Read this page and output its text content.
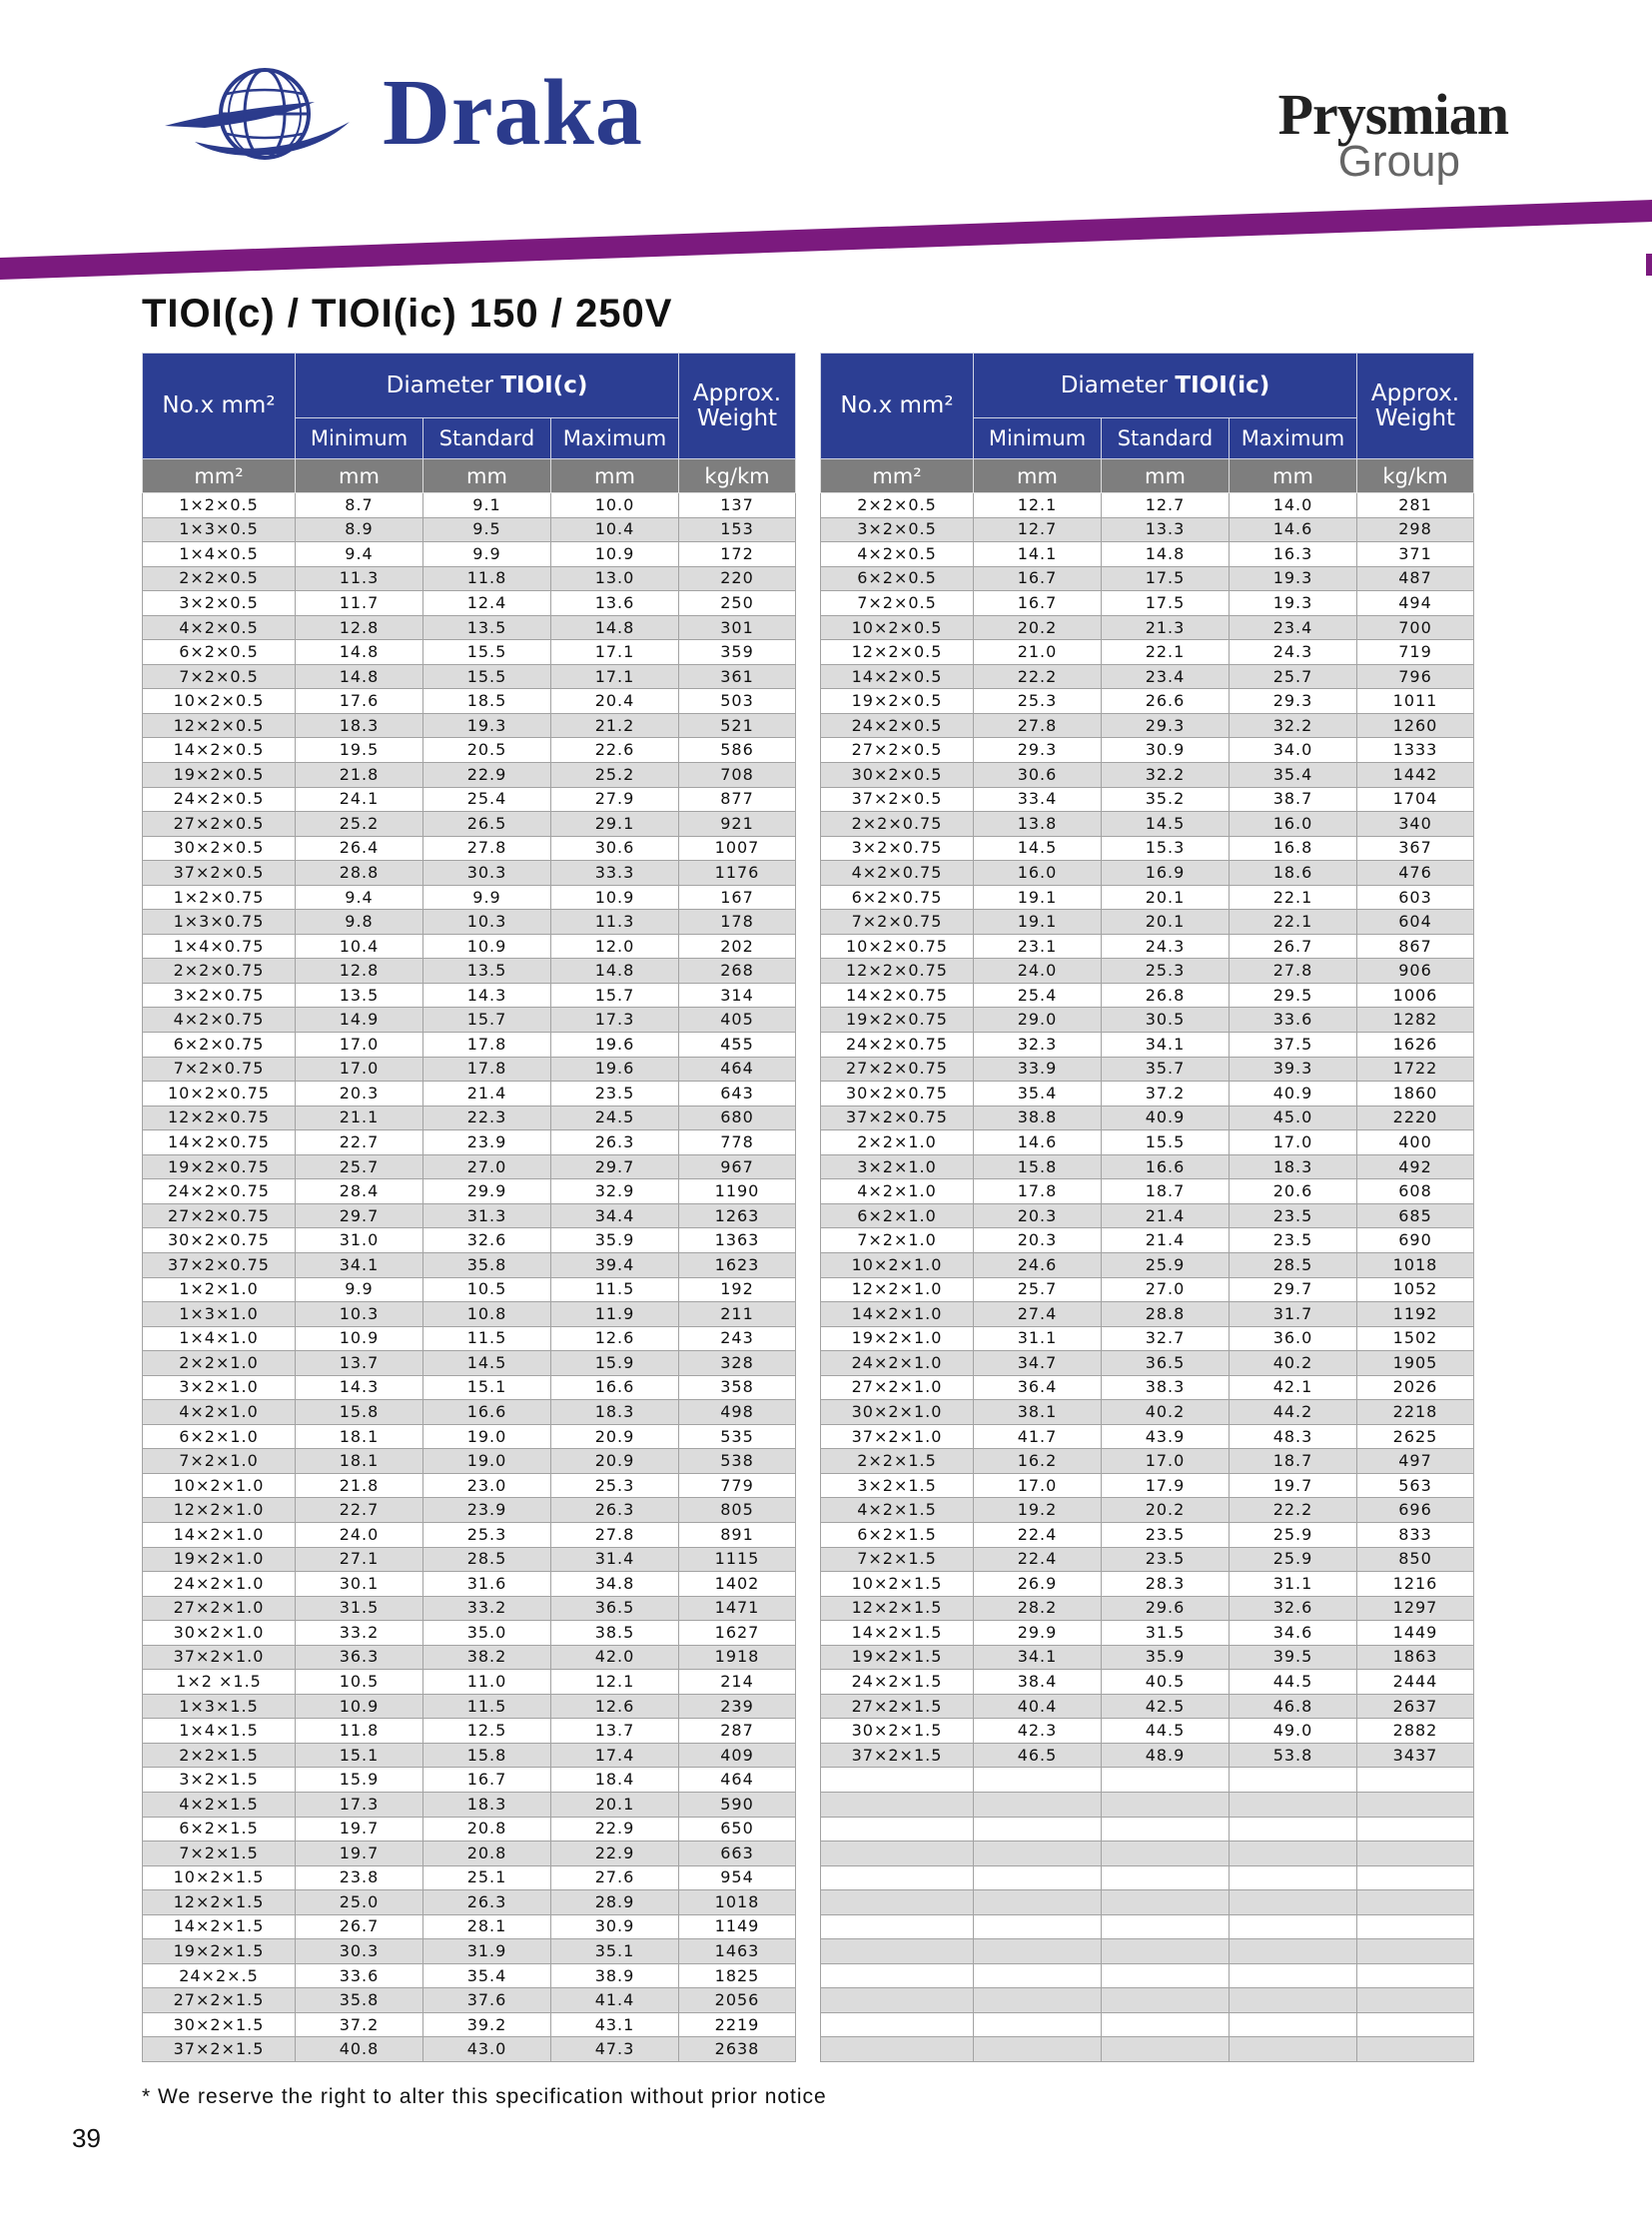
Draka	Prysmian
Group
TIOI(c) / TIOI(ic) 150 / 250V
No.x mm²	Diameter TIOI(c)			Approx. Weight
	Minimum	Standard	Maximum	
mm²	mm	mm	mm	kg/km
1×2×0.5	8.7	9.1	10.0	137
1×3×0.5	8.9	9.5	10.4	153
1×4×0.5	9.4	9.9	10.9	172
2×2×0.5	11.3	11.8	13.0	220
3×2×0.5	11.7	12.4	13.6	250
4×2×0.5	12.8	13.5	14.8	301
6×2×0.5	14.8	15.5	17.1	359
7×2×0.5	14.8	15.5	17.1	361
10×2×0.5	17.6	18.5	20.4	503
12×2×0.5	18.3	19.3	21.2	521
14×2×0.5	19.5	20.5	22.6	586
19×2×0.5	21.8	22.9	25.2	708
24×2×0.5	24.1	25.4	27.9	877
27×2×0.5	25.2	26.5	29.1	921
30×2×0.5	26.4	27.8	30.6	1007
37×2×0.5	28.8	30.3	33.3	1176
1×2×0.75	9.4	9.9	10.9	167
1×3×0.75	9.8	10.3	11.3	178
1×4×0.75	10.4	10.9	12.0	202
2×2×0.75	12.8	13.5	14.8	268
3×2×0.75	13.5	14.3	15.7	314
4×2×0.75	14.9	15.7	17.3	405
6×2×0.75	17.0	17.8	19.6	455
7×2×0.75	17.0	17.8	19.6	464
10×2×0.75	20.3	21.4	23.5	643
12×2×0.75	21.1	22.3	24.5	680
14×2×0.75	22.7	23.9	26.3	778
19×2×0.75	25.7	27.0	29.7	967
24×2×0.75	28.4	29.9	32.9	1190
27×2×0.75	29.7	31.3	34.4	1263
30×2×0.75	31.0	32.6	35.9	1363
37×2×0.75	34.1	35.8	39.4	1623
1×2×1.0	9.9	10.5	11.5	192
1×3×1.0	10.3	10.8	11.9	211
1×4×1.0	10.9	11.5	12.6	243
2×2×1.0	13.7	14.5	15.9	328
3×2×1.0	14.3	15.1	16.6	358
4×2×1.0	15.8	16.6	18.3	498
6×2×1.0	18.1	19.0	20.9	535
7×2×1.0	18.1	19.0	20.9	538
10×2×1.0	21.8	23.0	25.3	779
12×2×1.0	22.7	23.9	26.3	805
14×2×1.0	24.0	25.3	27.8	891
19×2×1.0	27.1	28.5	31.4	1115
24×2×1.0	30.1	31.6	34.8	1402
27×2×1.0	31.5	33.2	36.5	1471
30×2×1.0	33.2	35.0	38.5	1627
37×2×1.0	36.3	38.2	42.0	1918
1×2 ×1.5	10.5	11.0	12.1	214
1×3×1.5	10.9	11.5	12.6	239
1×4×1.5	11.8	12.5	13.7	287
2×2×1.5	15.1	15.8	17.4	409
3×2×1.5	15.9	16.7	18.4	464
4×2×1.5	17.3	18.3	20.1	590
6×2×1.5	19.7	20.8	22.9	650
7×2×1.5	19.7	20.8	22.9	663
10×2×1.5	23.8	25.1	27.6	954
12×2×1.5	25.0	26.3	28.9	1018
14×2×1.5	26.7	28.1	30.9	1149
19×2×1.5	30.3	31.9	35.1	1463
24×2×.5	33.6	35.4	38.9	1825
27×2×1.5	35.8	37.6	41.4	2056
30×2×1.5	37.2	39.2	43.1	2219
37×2×1.5	40.8	43.0	47.3	2638
No.x mm²	Diameter TIOI(ic)			Approx. Weight
	Minimum	Standard	Maximum	
mm²	mm	mm	mm	kg/km
2×2×0.5	12.1	12.7	14.0	281
3×2×0.5	12.7	13.3	14.6	298
4×2×0.5	14.1	14.8	16.3	371
6×2×0.5	16.7	17.5	19.3	487
7×2×0.5	16.7	17.5	19.3	494
10×2×0.5	20.2	21.3	23.4	700
12×2×0.5	21.0	22.1	24.3	719
14×2×0.5	22.2	23.4	25.7	796
19×2×0.5	25.3	26.6	29.3	1011
24×2×0.5	27.8	29.3	32.2	1260
27×2×0.5	29.3	30.9	34.0	1333
30×2×0.5	30.6	32.2	35.4	1442
37×2×0.5	33.4	35.2	38.7	1704
2×2×0.75	13.8	14.5	16.0	340
3×2×0.75	14.5	15.3	16.8	367
4×2×0.75	16.0	16.9	18.6	476
6×2×0.75	19.1	20.1	22.1	603
7×2×0.75	19.1	20.1	22.1	604
10×2×0.75	23.1	24.3	26.7	867
12×2×0.75	24.0	25.3	27.8	906
14×2×0.75	25.4	26.8	29.5	1006
19×2×0.75	29.0	30.5	33.6	1282
24×2×0.75	32.3	34.1	37.5	1626
27×2×0.75	33.9	35.7	39.3	1722
30×2×0.75	35.4	37.2	40.9	1860
37×2×0.75	38.8	40.9	45.0	2220
2×2×1.0	14.6	15.5	17.0	400
3×2×1.0	15.8	16.6	18.3	492
4×2×1.0	17.8	18.7	20.6	608
6×2×1.0	20.3	21.4	23.5	685
7×2×1.0	20.3	21.4	23.5	690
10×2×1.0	24.6	25.9	28.5	1018
12×2×1.0	25.7	27.0	29.7	1052
14×2×1.0	27.4	28.8	31.7	1192
19×2×1.0	31.1	32.7	36.0	1502
24×2×1.0	34.7	36.5	40.2	1905
27×2×1.0	36.4	38.3	42.1	2026
30×2×1.0	38.1	40.2	44.2	2218
37×2×1.0	41.7	43.9	48.3	2625
2×2×1.5	16.2	17.0	18.7	497
3×2×1.5	17.0	17.9	19.7	563
4×2×1.5	19.2	20.2	22.2	696
6×2×1.5	22.4	23.5	25.9	833
7×2×1.5	22.4	23.5	25.9	850
10×2×1.5	26.9	28.3	31.1	1216
12×2×1.5	28.2	29.6	32.6	1297
14×2×1.5	29.9	31.5	34.6	1449
19×2×1.5	34.1	35.9	39.5	1863
24×2×1.5	38.4	40.5	44.5	2444
27×2×1.5	40.4	42.5	46.8	2637
30×2×1.5	42.3	44.5	49.0	2882
37×2×1.5	46.5	48.9	53.8	3437

* We reserve the right to alter this specification without prior notice
39
